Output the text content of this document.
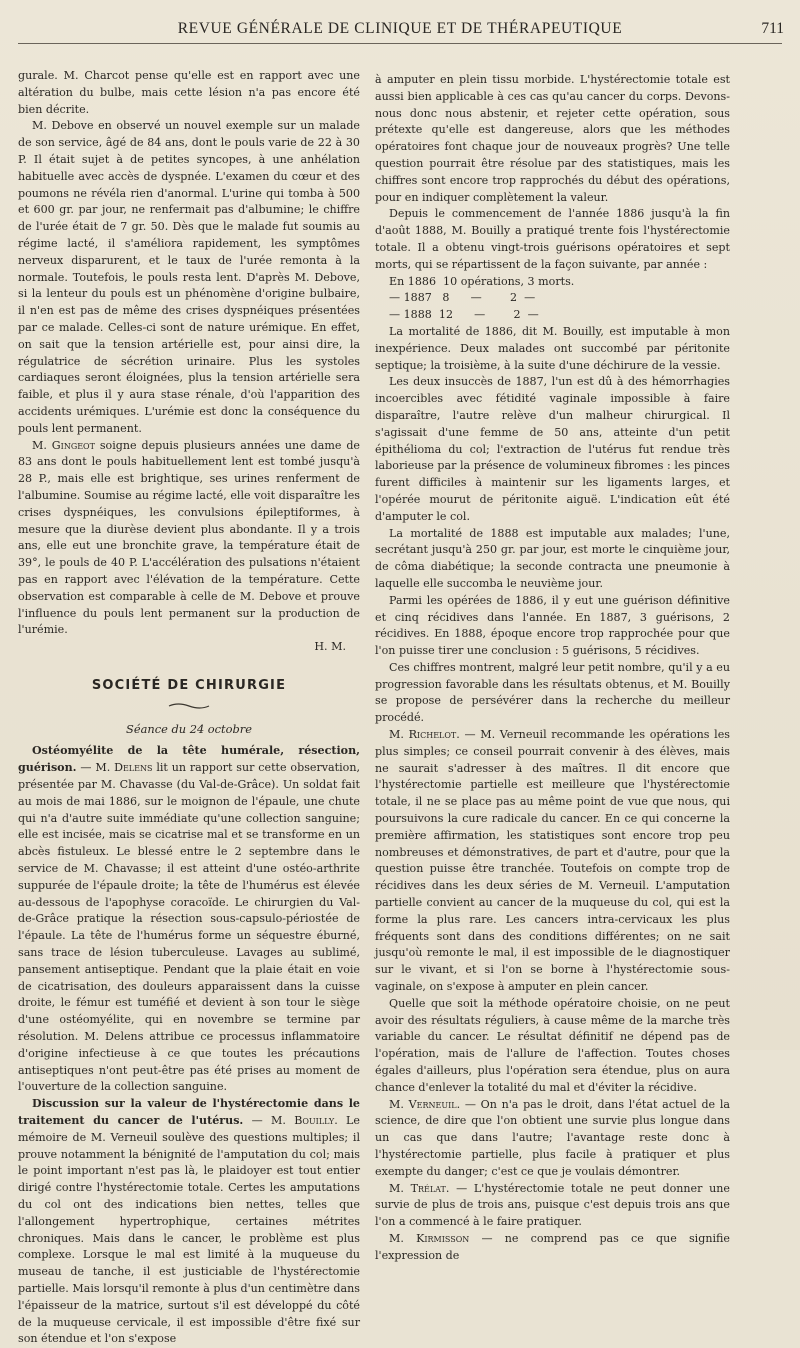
REVUE GÉNÉRALE DE CLINIQUE ET DE THÉRAPEUTIQUE	711

gurale. M. Charcot pense qu'elle est en rapport avec une altération du bulbe, mais cette lésion n'a pas encore été bien décrite.

M. Debove en observé un nouvel exemple sur un malade de son service, âgé de 84 ans, dont le pouls varie de 22 à 30 P. Il était sujet à de petites syncopes, à une anhélation habituelle avec accès de dyspnée. L'examen du cœur et des poumons ne révéla rien d'anormal. L'urine qui tomba à 500 et 600 gr. par jour, ne renfermait pas d'albumine; le chiffre de l'urée était de 7 gr. 50. Dès que le malade fut soumis au régime lacté, il s'améliora rapidement, les symptômes nerveux disparurent, et le taux de l'urée remonta à la normale. Toutefois, le pouls resta lent. D'après M. Debove, si la lenteur du pouls est un phénomène d'origine bulbaire, il n'en est pas de même des crises dyspnéiques présentées par ce malade. Celles-ci sont de nature urémique. En effet, on sait que la tension artérielle est, pour ainsi dire, la régulatrice de sécrétion urinaire. Plus les systoles cardiaques seront éloignées, plus la tension artérielle sera faible, et plus il y aura stase rénale, d'où l'apparition des accidents urémiques. L'urémie est donc la conséquence du pouls lent permanent.

M. Gingeot soigne depuis plusieurs années une dame de 83 ans dont le pouls habituellement lent est tombé jusqu'à 28 P., mais elle est brightique, ses urines renferment de l'albumine. Soumise au régime lacté, elle voit disparaître les crises dyspnéiques, les convulsions épileptiformes, à mesure que la diurèse devient plus abondante. Il y a trois ans, elle eut une bronchite grave, la température était de 39°, le pouls de 40 P. L'accélération des pulsations n'étaient pas en rapport avec l'élévation de la température. Cette observation est comparable à celle de M. Debove et prouve l'influence du pouls lent permanent sur la production de l'urémie.

H. M.

SOCIÉTÉ DE CHIRURGIE
Séance du 24 octobre

Ostéomyélite de la tête humérale, résection, guérison. — M. Delens lit un rapport sur cette observation, présentée par M. Chavasse (du Val-de-Grâce). Un soldat fait au mois de mai 1886, sur le moignon de l'épaule, une chute qui n'a d'autre suite immédiate qu'une collection sanguine; elle est incisée, mais se cicatrise mal et se transforme en un abcès fistuleux. Le blessé entre le 2 septembre dans le service de M. Chavasse; il est atteint d'une ostéo-arthrite suppurée de l'épaule droite; la tête de l'humérus est élevée au-dessous de l'apophyse coracoïde. Le chirurgien du Val-de-Grâce pratique la résection sous-capsulo-périostée de l'épaule. La tête de l'humérus forme un séquestre éburné, sans trace de lésion tuberculeuse. Lavages au sublimé, pansement antiseptique. Pendant que la plaie était en voie de cicatrisation, des douleurs apparaissent dans la cuisse droite, le fémur est tuméfié et devient à son tour le siège d'une ostéomyélite, qui en novembre se termine par résolution. M. Delens attribue ce processus inflammatoire d'origine infectieuse à ce que toutes les précautions antiseptiques n'ont peut-être pas été prises au moment de l'ouverture de la collection sanguine.

Discussion sur la valeur de l'hystérectomie dans le traitement du cancer de l'utérus. — M. Bouilly. Le mémoire de M. Verneuil soulève des questions multiples; il prouve notamment la bénignité de l'amputation du col; mais le point important n'est pas là, le plaidoyer est tout entier dirigé contre l'hystérectomie totale. Certes les amputations du col ont des indications bien nettes, telles que l'allongement hypertrophique, certaines métrites chroniques. Mais dans le cancer, le problème est plus complexe. Lorsque le mal est limité à la muqueuse du museau de tanche, il est justiciable de l'hystérectomie partielle. Mais lorsqu'il remonte à plus d'un centimètre dans l'épaisseur de la matrice, surtout s'il est développé du côté de la muqueuse cervicale, il est impossible d'être fixé sur son étendue et l'on s'expose

à amputer en plein tissu morbide. L'hystérectomie totale est aussi bien applicable à ces cas qu'au cancer du corps. Devons-nous donc nous abstenir, et rejeter cette opération, sous prétexte qu'elle est dangereuse, alors que les méthodes opératoires font chaque jour de nouveaux progrès? Une telle question pourrait être résolue par des statistiques, mais les chiffres sont encore trop rapprochés du début des opérations, pour en indiquer complètement la valeur.

Depuis le commencement de l'année 1886 jusqu'à la fin d'août 1888, M. Bouilly a pratiqué trente fois l'hystérectomie totale. Il a obtenu vingt-trois guérisons opératoires et sept morts, qui se répartissent de la façon suivante, par année :

En 1886  10 opérations, 3 morts.

— 1887   8      —        2  —

— 1888  12      —        2  —

La mortalité de 1886, dit M. Bouilly, est imputable à mon inexpérience. Deux malades ont succombé par péritonite septique; la troisième, à la suite d'une déchirure de la vessie.

Les deux insuccès de 1887, l'un est dû à des hémorrhagies incoercibles avec fétidité vaginale impossible à faire disparaître, l'autre relève d'un malheur chirurgical. Il s'agissait d'une femme de 50 ans, atteinte d'un petit épithélioma du col; l'extraction de l'utérus fut rendue très laborieuse par la présence de volumineux fibromes : les pinces furent difficiles à maintenir sur les ligaments larges, et l'opérée mourut de péritonite aiguë. L'indication eût été d'amputer le col.

La mortalité de 1888 est imputable aux malades; l'une, secrétant jusqu'à 250 gr. par jour, est morte le cinquième jour, de côma diabétique; la seconde contracta une pneumonie à laquelle elle succomba le neuvième jour.

Parmi les opérées de 1886, il y eut une guérison définitive et cinq récidives dans l'année. En 1887, 3 guérisons, 2 récidives. En 1888, époque encore trop rapprochée pour que l'on puisse tirer une conclusion : 5 guérisons, 5 récidives.

Ces chiffres montrent, malgré leur petit nombre, qu'il y a eu progression favorable dans les résultats obtenus, et M. Bouilly se propose de persévérer dans la recherche du meilleur procédé.

M. Richelot. — M. Verneuil recommande les opérations les plus simples; ce conseil pourrait convenir à des élèves, mais ne saurait s'adresser à des maîtres. Il dit encore que l'hystérectomie partielle est meilleure que l'hystérectomie totale, il ne se place pas au même point de vue que nous, qui poursuivons la cure radicale du cancer. En ce qui concerne la première affirmation, les statistiques sont encore trop peu nombreuses et démonstratives, de part et d'autre, pour que la question puisse être tranchée. Toutefois on compte trop de récidives dans les deux séries de M. Verneuil. L'amputation partielle convient au cancer de la muqueuse du col, qui est la forme la plus rare. Les cancers intra-cervicaux les plus fréquents sont dans des conditions différentes; on ne sait jusqu'où remonte le mal, il est impossible de le diagnostiquer sur le vivant, et si l'on se borne à l'hystérectomie sous-vaginale, on s'expose à amputer en plein cancer.

Quelle que soit la méthode opératoire choisie, on ne peut avoir des résultats réguliers, à cause même de la marche très variable du cancer. Le résultat définitif ne dépend pas de l'opération, mais de l'allure de l'affection. Toutes choses égales d'ailleurs, plus l'opération sera étendue, plus on aura chance d'enlever la totalité du mal et d'éviter la récidive.

M. Verneuil. — On n'a pas le droit, dans l'état actuel de la science, de dire que l'on obtient une survie plus longue dans un cas que dans l'autre; l'avantage reste donc à l'hystérectomie partielle, plus facile à pratiquer et plus exempte du danger; c'est ce que je voulais démontrer.

M. Trélat. — L'hystérectomie totale ne peut donner une survie de plus de trois ans, puisque c'est depuis trois ans que l'on a commencé à le faire pratiquer.

M. Kirmisson — ne comprend pas ce que signifie l'expression de
